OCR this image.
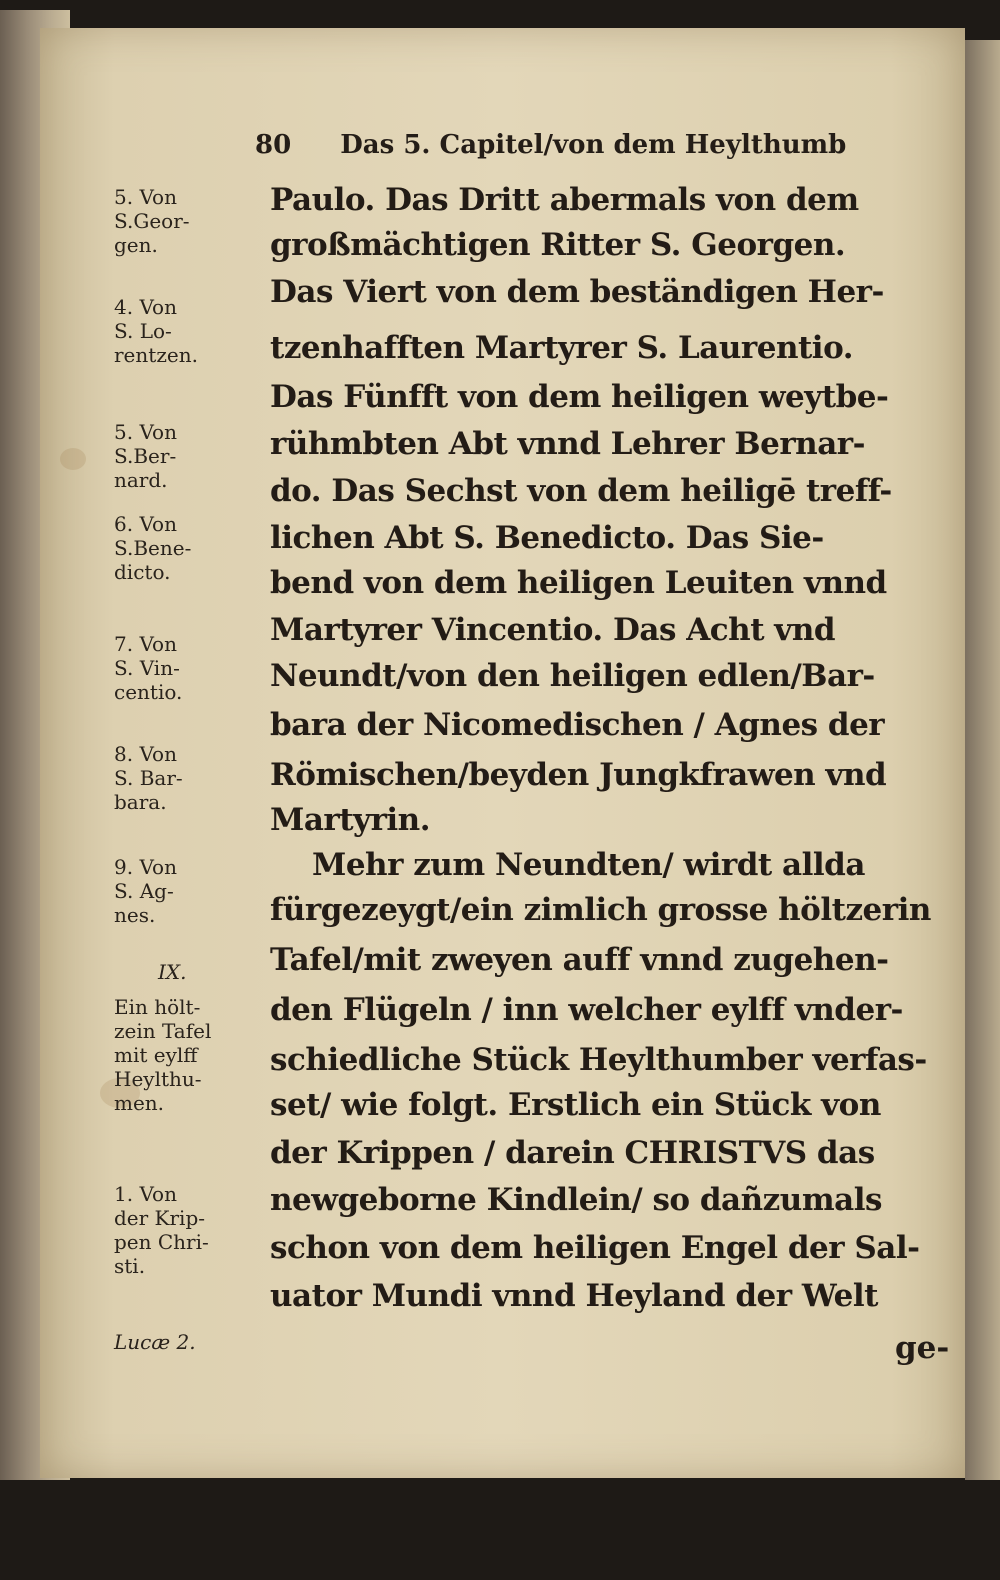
80 Das 5. Capitel/von dem Heylthumb
5. Von
S.Geor-
gen.
4. Von
S. Lo-
rentzen.
5. Von
S.Ber-
nard.
6. Von
S.Bene-
dicto.
7. Von
S. Vin-
centio.
8. Von
S. Bar-
bara.
9. Von
S. Ag-
nes.
IX.
Ein hölt-
zein Tafel
mit eylff
Heylthu-
men.
1. Von
der Krip-
pen Chri-
sti.
Lucæ 2.
Paulo. Das Dritt abermals von dem
großmächtigen Ritter S. Georgen.
Das Viert von dem beständigen Her-
tzenhafften Martyrer S. Laurentio.
Das Fünfft von dem heiligen weytbe-
rühmbten Abt vnnd Lehrer Bernar-
do. Das Sechst von dem heiligē treff-
lichen Abt S. Benedicto. Das Sie-
bend von dem heiligen Leuiten vnnd
Martyrer Vincentio. Das Acht vnd
Neundt/von den heiligen edlen/Bar-
bara der Nicomedischen / Agnes der
Römischen/beyden Jungkfrawen vnd
Martyrin.
Mehr zum Neundten/ wirdt allda
fürgezeygt/ein zimlich grosse höltzerin
Tafel/mit zweyen auff vnnd zugehen-
den Flügeln / inn welcher eylff vnder-
schiedliche Stück Heylthumber verfas-
set/ wie folgt. Erstlich ein Stück von
der Krippen / darein CHRISTVS das
newgeborne Kindlein/ so dañzumals
schon von dem heiligen Engel der Sal-
uator Mundi vnnd Heyland der Welt
ge-
